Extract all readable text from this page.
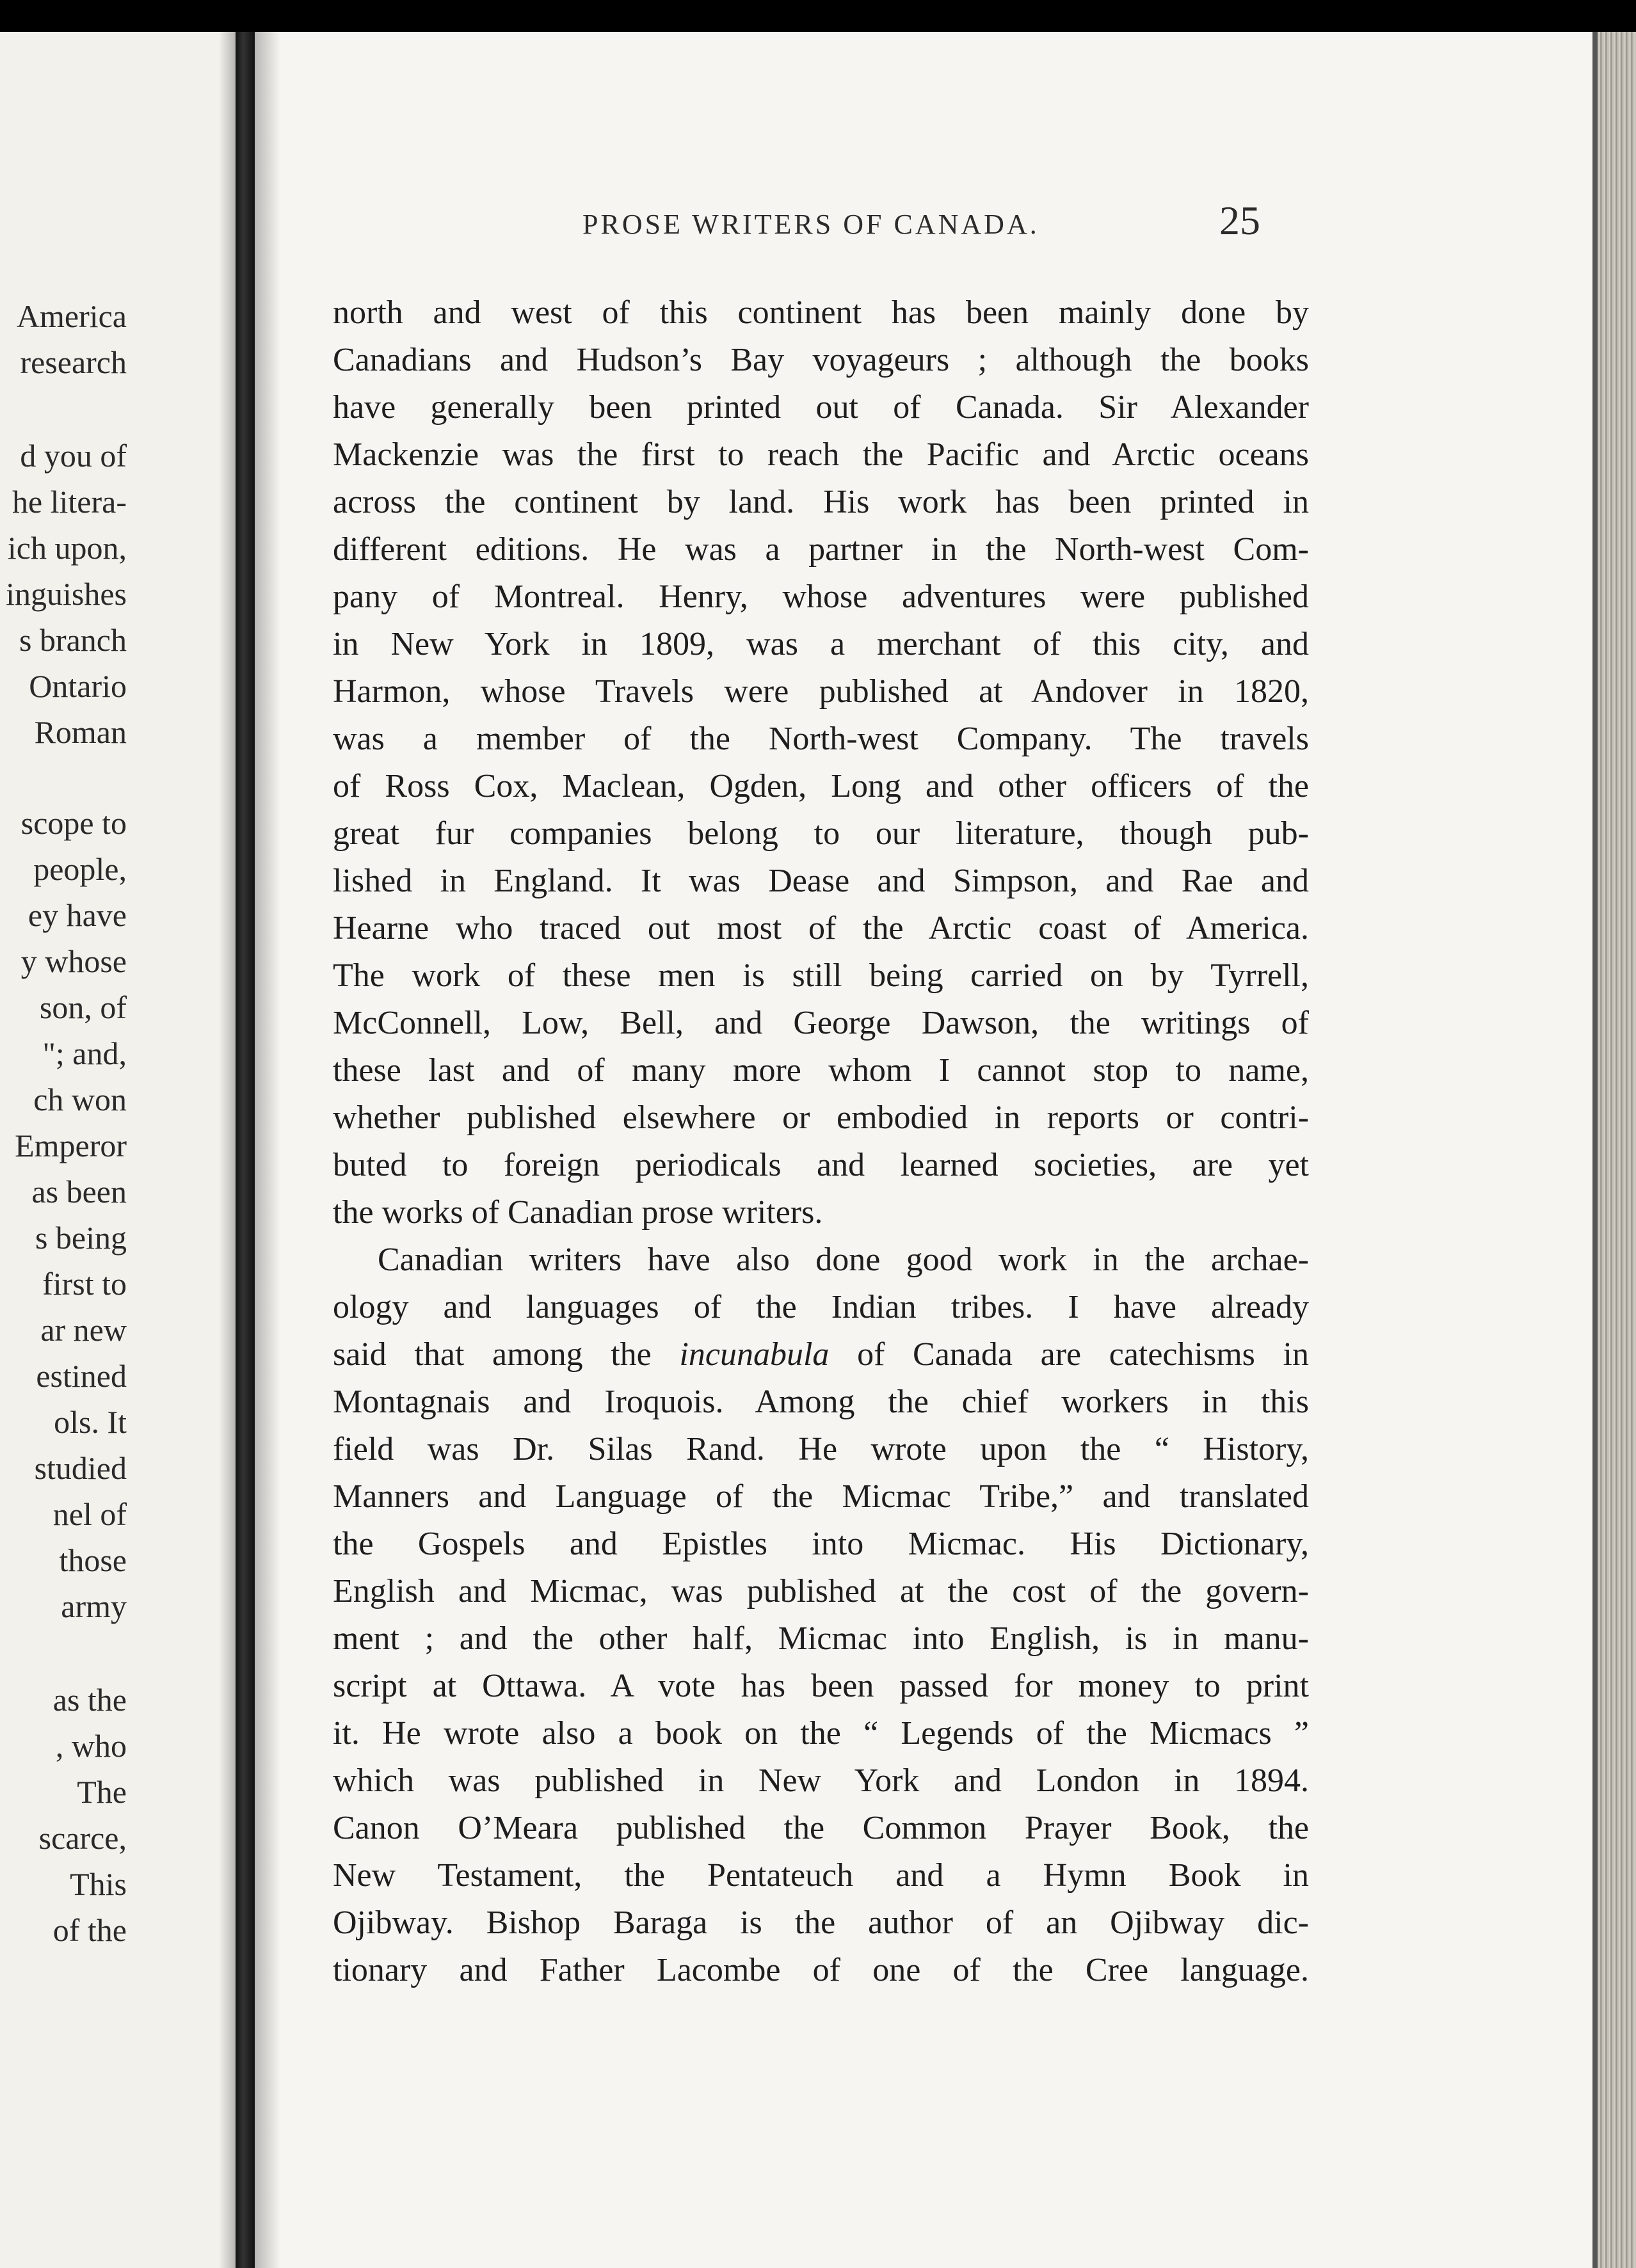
America
research
d you of
he litera-
ich upon,
inguishes
s branch
Ontario
Roman
scope to
people,
ey have
y whose
son, of
"; and,
ch won
Emperor
as been
s being
first to
ar new
estined
ols. It
studied
nel of
those
army
as the
, who
The
scarce,
This
of the
PROSE WRITERS OF CANADA.	25
north and west of this continent has been mainly done by
Canadians and Hudson’s Bay voyageurs ; although the books
have generally been printed out of Canada. Sir Alexander
Mackenzie was the first to reach the Pacific and Arctic oceans
across the continent by land. His work has been printed in
different editions. He was a partner in the North-west Com-
pany of Montreal. Henry, whose adventures were published
in New York in 1809, was a merchant of this city, and
Harmon, whose Travels were published at Andover in 1820,
was a member of the North-west Company. The travels
of Ross Cox, Maclean, Ogden, Long and other officers of the
great fur companies belong to our literature, though pub-
lished in England. It was Dease and Simpson, and Rae and
Hearne who traced out most of the Arctic coast of America.
The work of these men is still being carried on by Tyrrell,
McConnell, Low, Bell, and George Dawson, the writings of
these last and of many more whom I cannot stop to name,
whether published elsewhere or embodied in reports or contri-
buted to foreign periodicals and learned societies, are yet
the works of Canadian prose writers.
Canadian writers have also done good work in the archae-
ology and languages of the Indian tribes. I have already
said that among the incunabula of Canada are catechisms in
Montagnais and Iroquois. Among the chief workers in this
field was Dr. Silas Rand. He wrote upon the “ History,
Manners and Language of the Micmac Tribe,” and translated
the Gospels and Epistles into Micmac. His Dictionary,
English and Micmac, was published at the cost of the govern-
ment ; and the other half, Micmac into English, is in manu-
script at Ottawa. A vote has been passed for money to print
it. He wrote also a book on the “ Legends of the Micmacs ”
which was published in New York and London in 1894.
Canon O’Meara published the Common Prayer Book, the
New Testament, the Pentateuch and a Hymn Book in
Ojibway. Bishop Baraga is the author of an Ojibway dic-
tionary and Father Lacombe of one of the Cree language.
